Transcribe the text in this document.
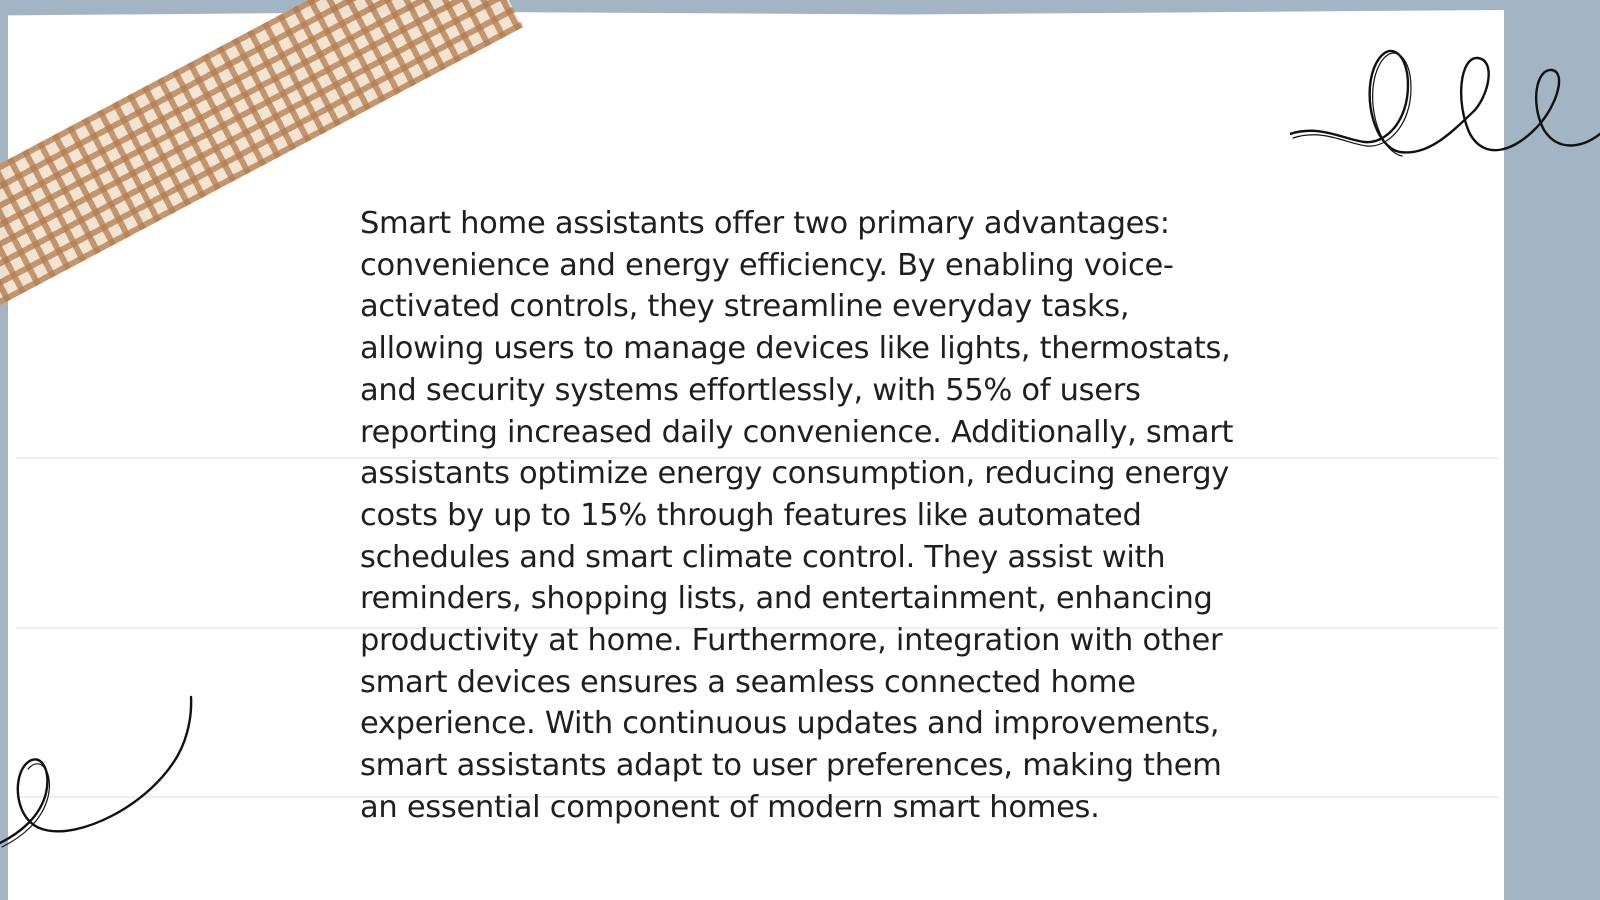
Smart home assistants offer two primary advantages: convenience and energy efficiency. By enabling voice-activated controls, they streamline everyday tasks, allowing users to manage devices like lights, thermostats, and security systems effortlessly, with 55% of users reporting increased daily convenience. Additionally, smart assistants optimize energy consumption, reducing energy costs by up to 15% through features like automated schedules and smart climate control. They assist with reminders, shopping lists, and entertainment, enhancing productivity at home. Furthermore, integration with other smart devices ensures a seamless connected home experience. With continuous updates and improvements, smart assistants adapt to user preferences, making them an essential component of modern smart homes.
